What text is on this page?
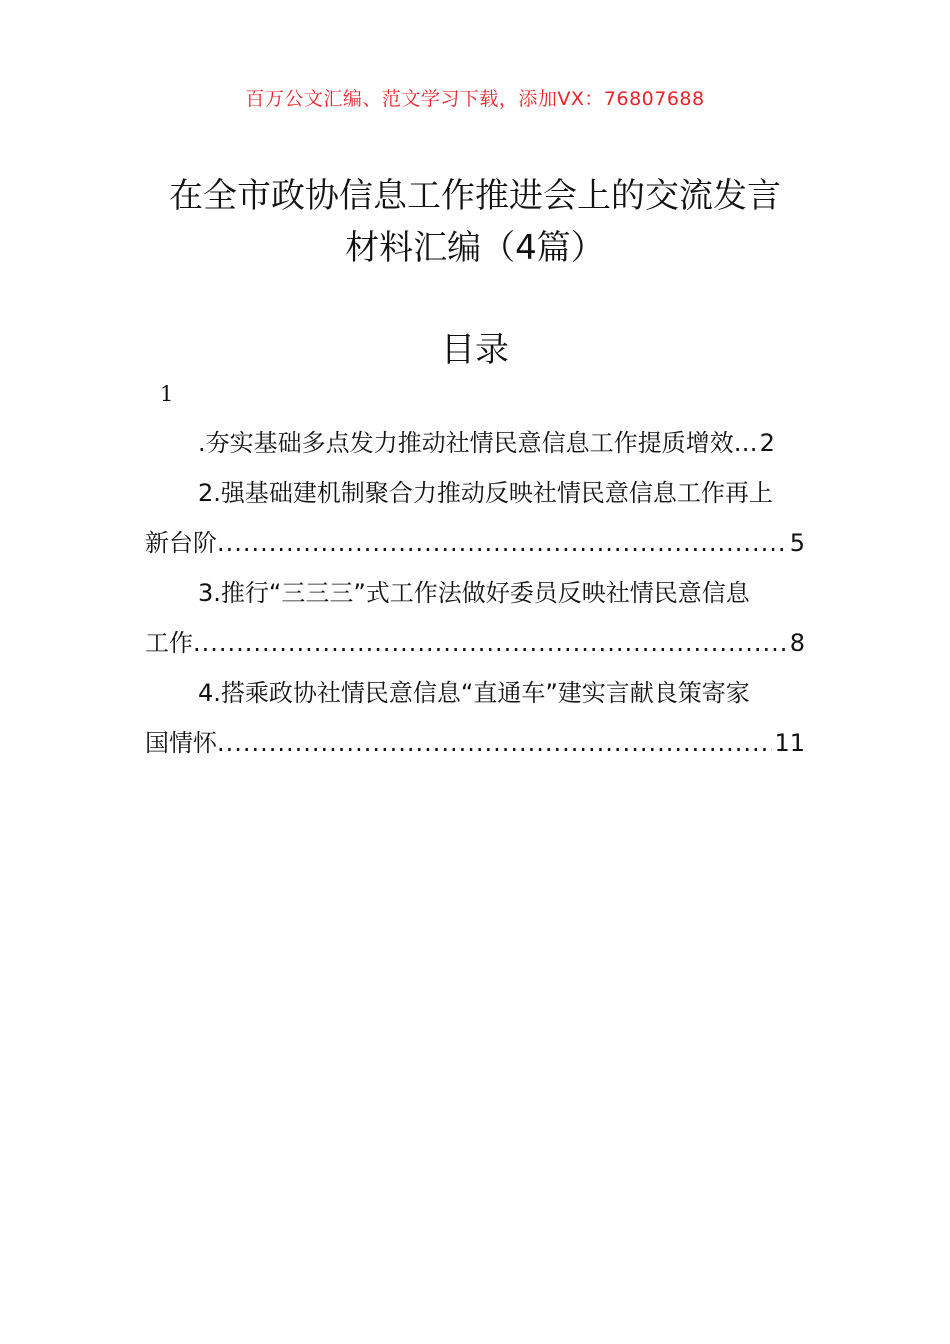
百万公文汇编、范文学习下载，添加VX：76807688
在全市政协信息工作推进会上的交流发言
材料汇编（4篇）
目录
1
.夯实基础多点发力推动社情民意信息工作提质增效… 2
2.强基础建机制聚合力推动反映社情民意信息工作再上
新台阶 .....	5
3.推行“三三三”式工作法做好委员反映社情民意信息
工作 .....	8
4.搭乘政协社情民意信息“直通车”建实言献良策寄家
国情怀 .....	11
